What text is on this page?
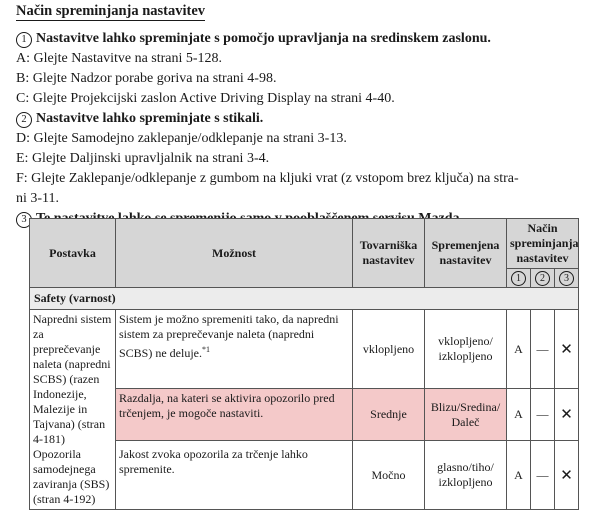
Način spreminjanja nastavitev
1 Nastavitve lahko spreminjate s pomočjo upravljanja na sredinskem zaslonu.
A: Glejte Nastavitve na strani 5-128.
B: Glejte Nadzor porabe goriva na strani 4-98.
C: Glejte Projekcijski zaslon Active Driving Display na strani 4-40.
2 Nastavitve lahko spreminjate s stikali.
D: Glejte Samodejno zaklepanje/odklepanje na strani 3-13.
E: Glejte Daljinski upravljalnik na strani 3-4.
F: Glejte Zaklepanje/odklepanje z gumbom na kljuki vrat (z vstopom brez ključa) na stra-
ni 3-11.
3
Postavka	Možnost	Tovarniška nastavitev	Spremenjena nastavitev	Način spreminjanja nastavitev		
				1	2	3
Safety (varnost)						
Napredni sistem za preprečevanje naleta (napredni SCBS) (razen Indonezije, Malezije in Tajvana) (stran 4-181) Opozorila samodejnega zaviranja (SBS) (stran 4-192)	Sistem je možno spremeniti tako, da napredni sistem za preprečevanje naleta (napredni SCBS) ne deluje.$^{*1}$	vklopljeno	vklopljeno/ izklopljeno	A	—	✕
	Razdalja, na kateri se aktivira opozorilo pred trčenjem, je mogoče nastaviti.	Srednje	Blizu/Sredina/ Daleč	A	—	✕
	Jakost zvoka opozorila za trčenje lahko spremenite.	Močno	glasno/tiho/ izklopljeno	A	—	✕
